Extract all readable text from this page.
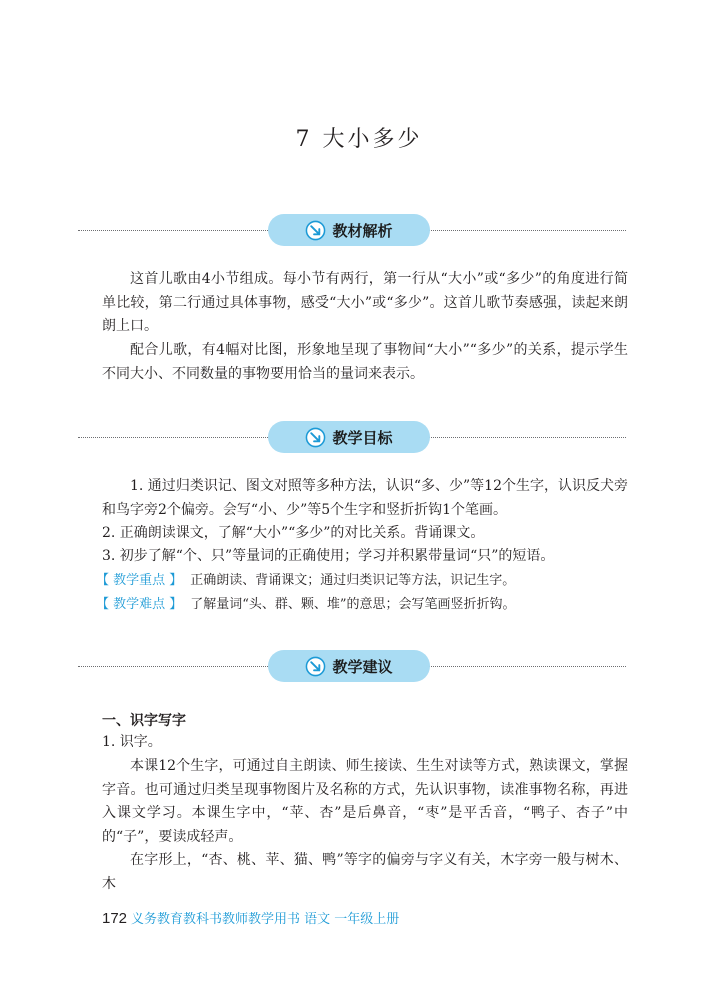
7 大小多少
教材解析

这首儿歌由4小节组成。每小节有两行，第一行从“大小”或“多少”的角度进行简单比较，第二行通过具体事物，感受“大小”或“多少”。这首儿歌节奏感强，读起来朗朗上口。

配合儿歌，有4幅对比图，形象地呈现了事物间“大小”“多少”的关系，提示学生不同大小、不同数量的事物要用恰当的量词来表示。

教学目标

1. 通过归类识记、图文对照等多种方法，认识“多、少”等12个生字，认识反犬旁和鸟字旁2个偏旁。会写“小、少”等5个生字和竖折折钩1个笔画。

2. 正确朗读课文，了解“大小”“多少”的对比关系。背诵课文。
3. 初步了解“个、只”等量词的正确使用；学习并积累带量词“只”的短语。
【 教学重点 】 正确朗读、背诵课文；通过归类识记等方法，识记生字。
【 教学难点 】 了解量词“头、群、颗、堆”的意思；会写笔画竖折折钩。
教学建议
一、识字写字
1. 识字。

本课12个生字，可通过自主朗读、师生接读、生生对读等方式，熟读课文，掌握字音。也可通过归类呈现事物图片及名称的方式，先认识事物，读准事物名称，再进入课文学习。本课生字中，“苹、杏”是后鼻音，“枣”是平舌音，“鸭子、杏子”中的“子”，要读成轻声。

在字形上，“杏、桃、苹、猫、鸭”等字的偏旁与字义有关，木字旁一般与树木、木

172 义务教育教科书教师教学用书 语文 一年级上册
